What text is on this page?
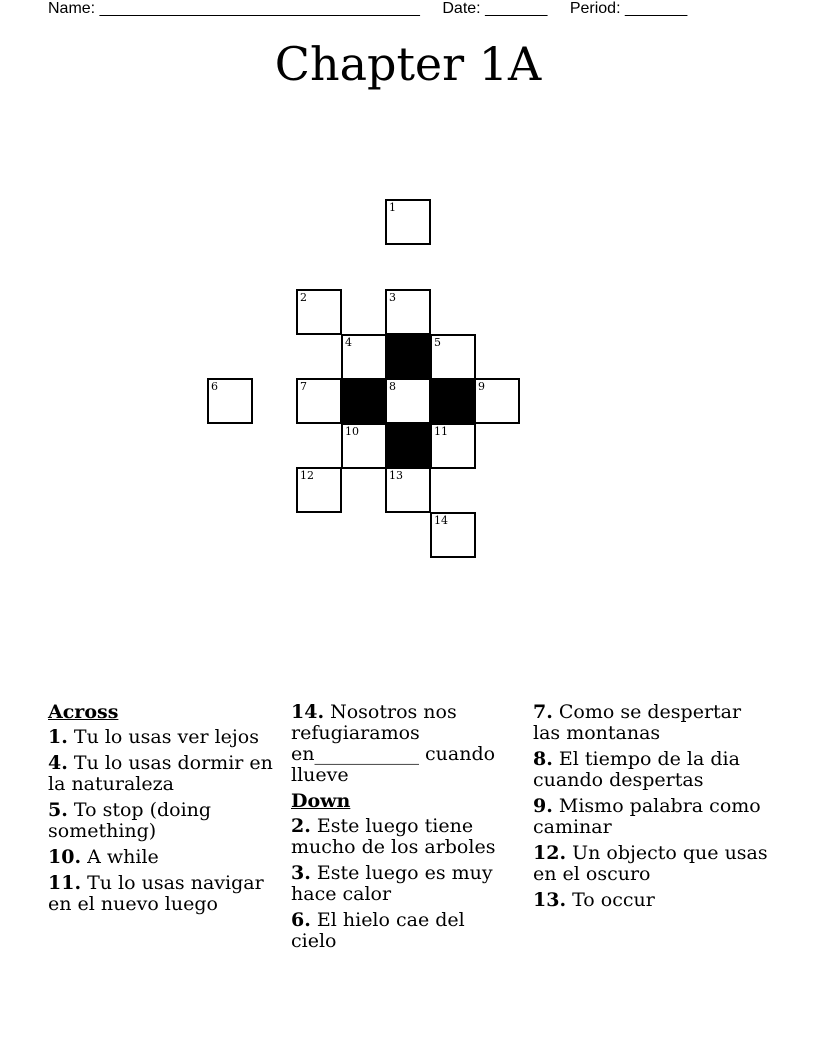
Name: ____________________________________ Date: _______ Period: _______
Chapter 1A
1
2	3
4	5
6	7	8	9
10	11
12	13
14
Across
1. Tu lo usas ver lejos
4. Tu lo usas dormir en la naturaleza
5. To stop (doing something)
10. A while
11. Tu lo usas navigar en el nuevo luego
14. Nosotros nos refugiaramos en___________ cuando llueve
Down
2. Este luego tiene mucho de los arboles
3. Este luego es muy hace calor
6. El hielo cae del cielo
7. Como se despertar las montanas
8. El tiempo de la dia cuando despertas
9. Mismo palabra como caminar
12. Un objecto que usas en el oscuro
13. To occur
